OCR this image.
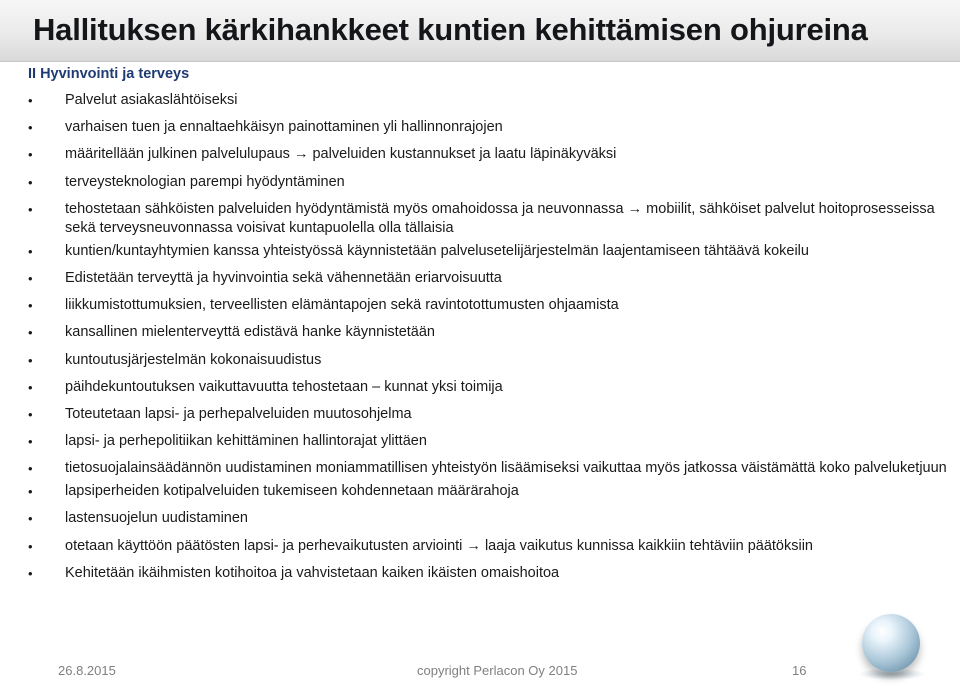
Hallituksen kärkihankkeet kuntien kehittämisen ohjureina

II Hyvinvointi ja terveys

• Palvelut asiakaslähtöiseksi
• varhaisen tuen ja ennaltaehkäisyn painottaminen yli hallinnonrajojen
• määritellään julkinen palvelulupaus → palveluiden kustannukset ja laatu läpinäkyväksi
• terveysteknologian parempi hyödyntäminen
• tehostetaan sähköisten palveluiden hyödyntämistä myös omahoidossa ja neuvonnassa → mobiilit, sähköiset palvelut hoitoprosesseissa sekä terveysneuvonnassa voisivat kuntapuolella olla tällaisia
• kuntien/kuntayhtymien kanssa yhteistyössä käynnistetään palvelusetelijärjestelmän laajentamiseen tähtäävä kokeilu
• Edistetään terveyttä ja hyvinvointia sekä vähennetään eriarvoisuutta
• liikkumistottumuksien, terveellisten elämäntapojen sekä ravintotottumusten ohjaamista
• kansallinen mielenterveyttä edistävä hanke käynnistetään
• kuntoutusjärjestelmän kokonaisuudistus
• päihdekuntoutuksen vaikuttavuutta tehostetaan – kunnat yksi toimija
• Toteutetaan lapsi- ja perhepalveluiden muutosohjelma
• lapsi- ja perhepolitiikan kehittäminen hallintorajat ylittäen
• tietosuojalainsäädännön uudistaminen moniammatillisen yhteistyön lisäämiseksi vaikuttaa myös jatkossa väistämättä koko palveluketjuun
• lapsiperheiden kotipalveluiden tukemiseen kohdennetaan määrärahoja
• lastensuojelun uudistaminen
• otetaan käyttöön päätösten lapsi- ja perhevaikutusten arviointi → laaja vaikutus kunnissa kaikkiin tehtäviin päätöksiin
• Kehitetään ikäihmisten kotihoitoa ja vahvistetaan kaiken ikäisten omaishoitoa

26.8.2015	copyright Perlacon Oy 2015	16
